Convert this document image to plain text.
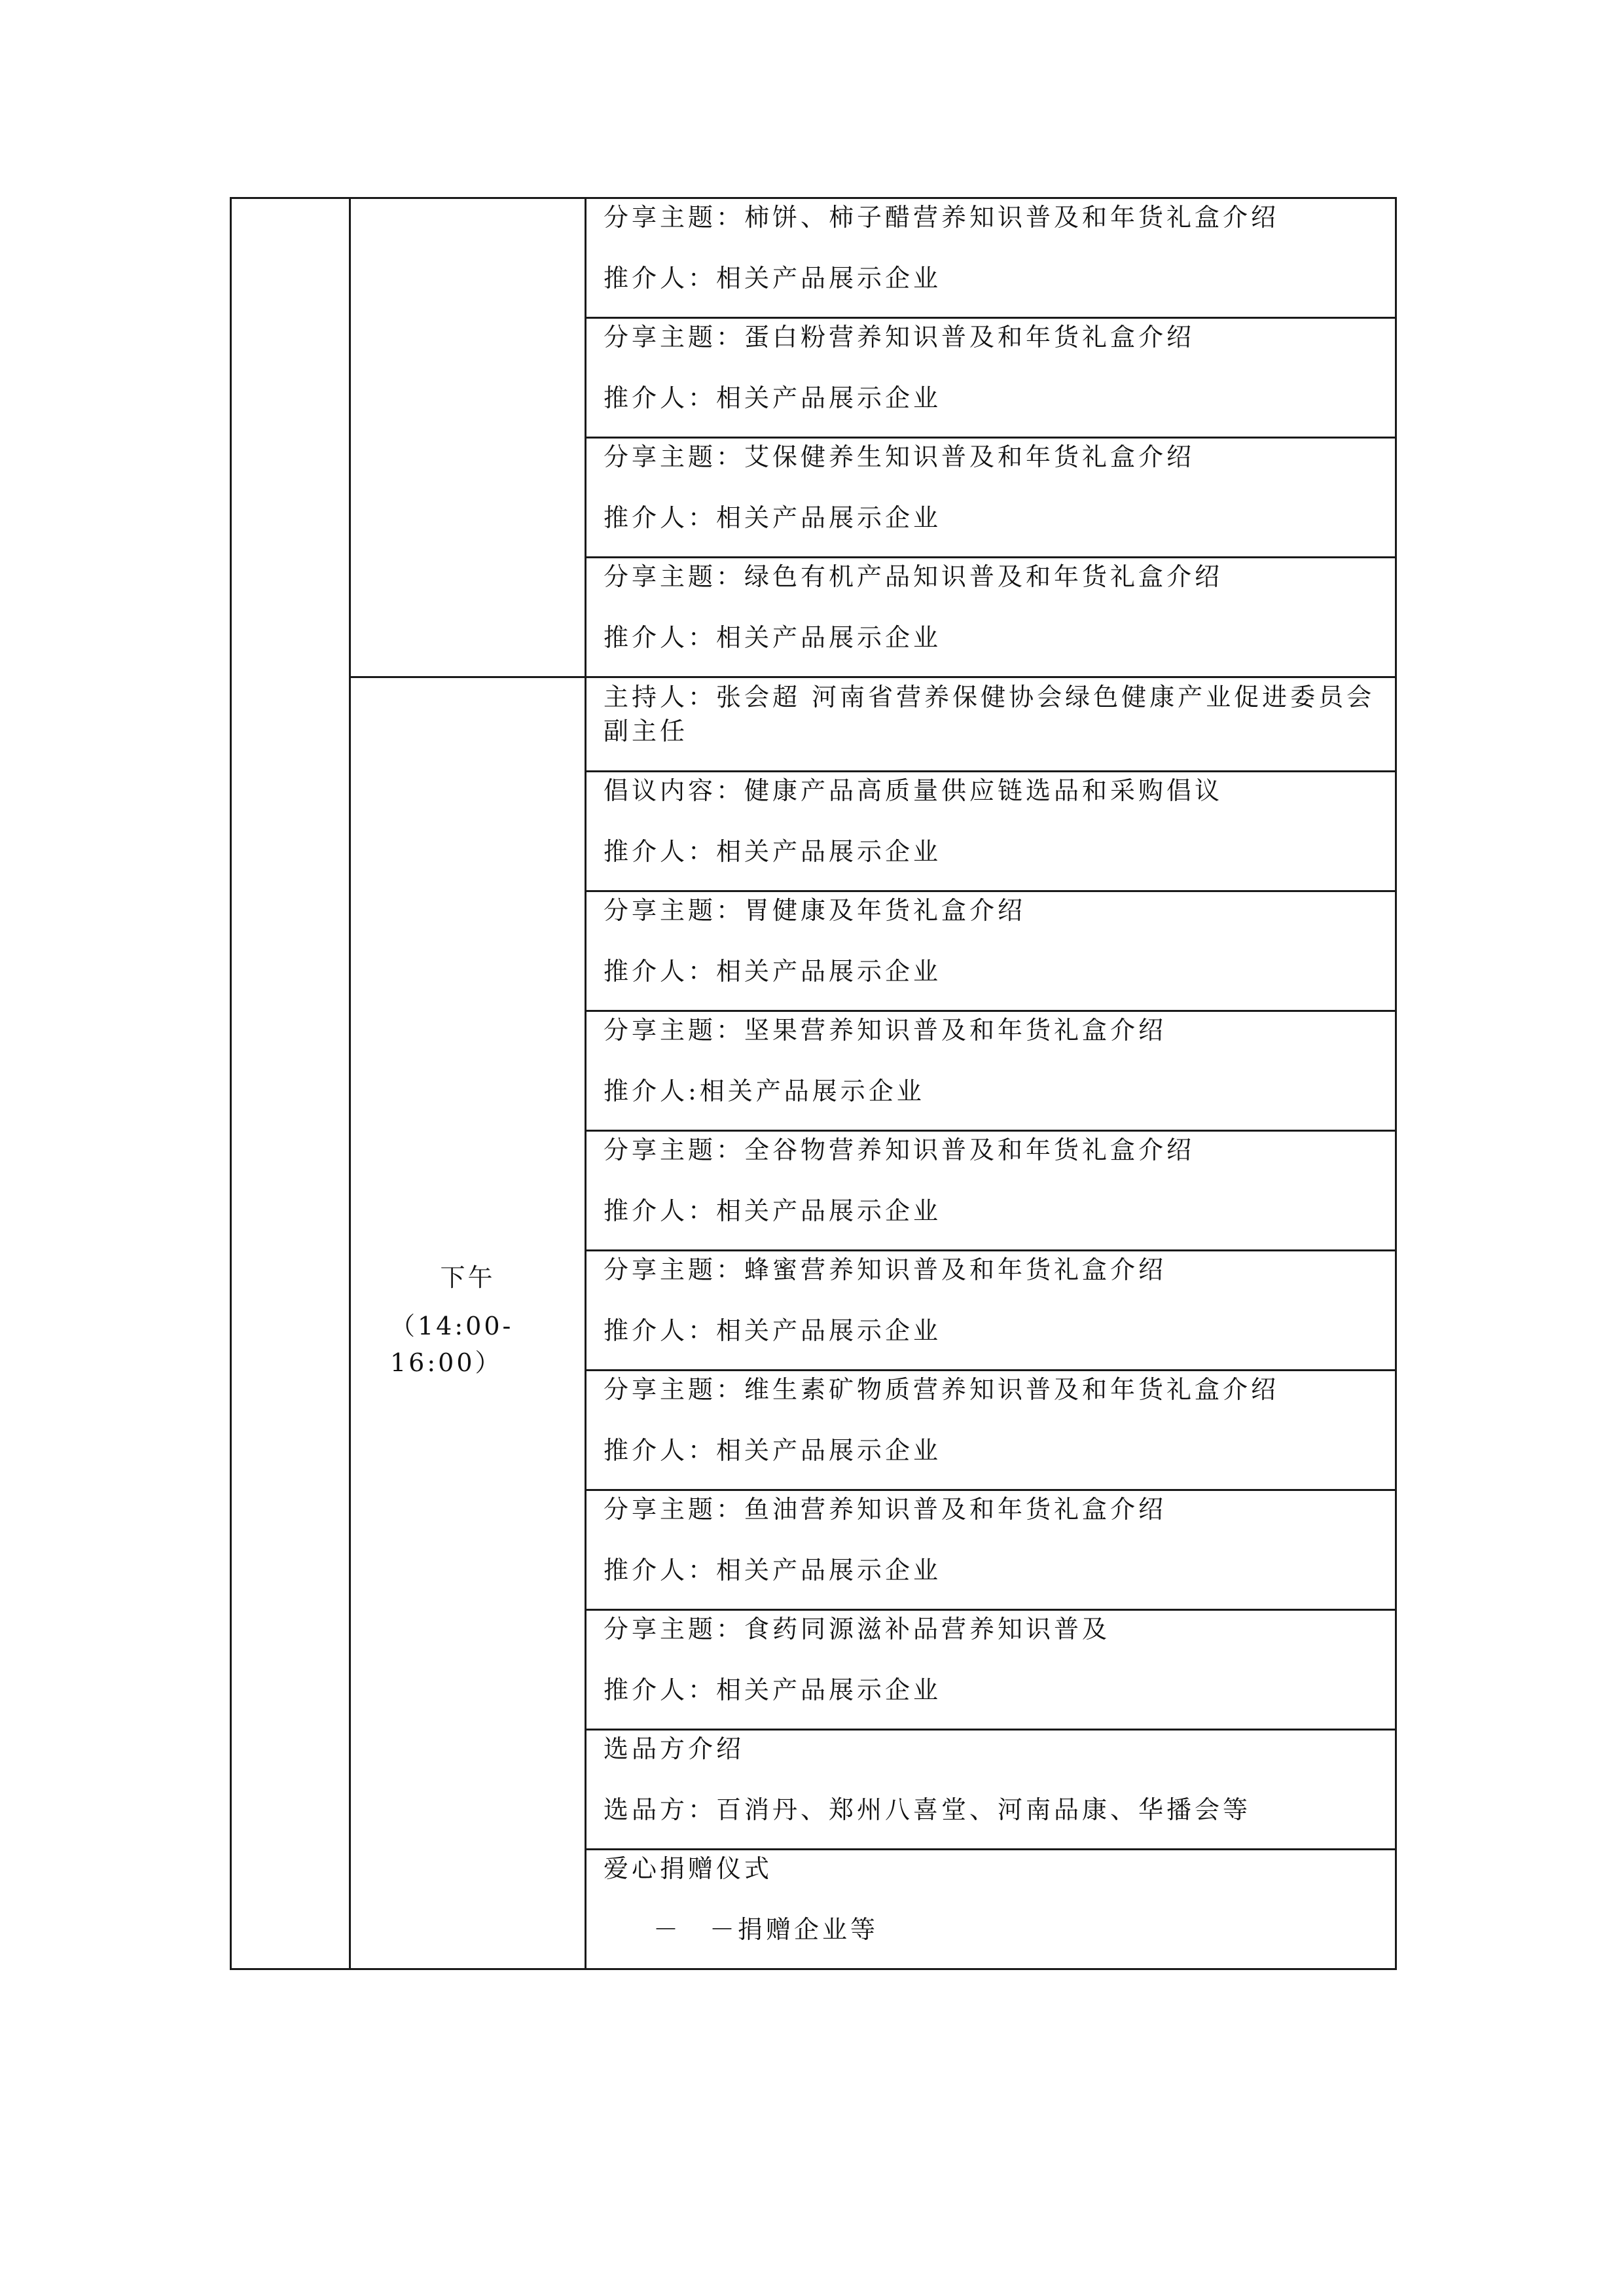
		分享主题：柿饼、柿子醋营养知识普及和年货礼盒介绍
推介人：相关产品展示企业

		分享主题：蛋白粉营养知识普及和年货礼盒介绍
推介人：相关产品展示企业

		分享主题：艾保健养生知识普及和年货礼盒介绍
推介人：相关产品展示企业

		分享主题：绿色有机产品知识普及和年货礼盒介绍
推介人：相关产品展示企业

	下午
（14:00-16:00）	主持人：张会超 河南省营养保健协会绿色健康产业促进委员会副主任

		倡议内容：健康产品高质量供应链选品和采购倡议
推介人：相关产品展示企业

		分享主题：胃健康及年货礼盒介绍
推介人：相关产品展示企业

		分享主题：坚果营养知识普及和年货礼盒介绍
推介人:相关产品展示企业

		分享主题：全谷物营养知识普及和年货礼盒介绍
推介人：相关产品展示企业

		分享主题：蜂蜜营养知识普及和年货礼盒介绍
推介人：相关产品展示企业

		分享主题：维生素矿物质营养知识普及和年货礼盒介绍
推介人：相关产品展示企业

		分享主题：鱼油营养知识普及和年货礼盒介绍
推介人：相关产品展示企业

		分享主题：食药同源滋补品营养知识普及
推介人：相关产品展示企业

		选品方介绍
选品方：百消丹、郑州八喜堂、河南品康、华播会等

		爱心捐赠仪式
－　－捐赠企业等
